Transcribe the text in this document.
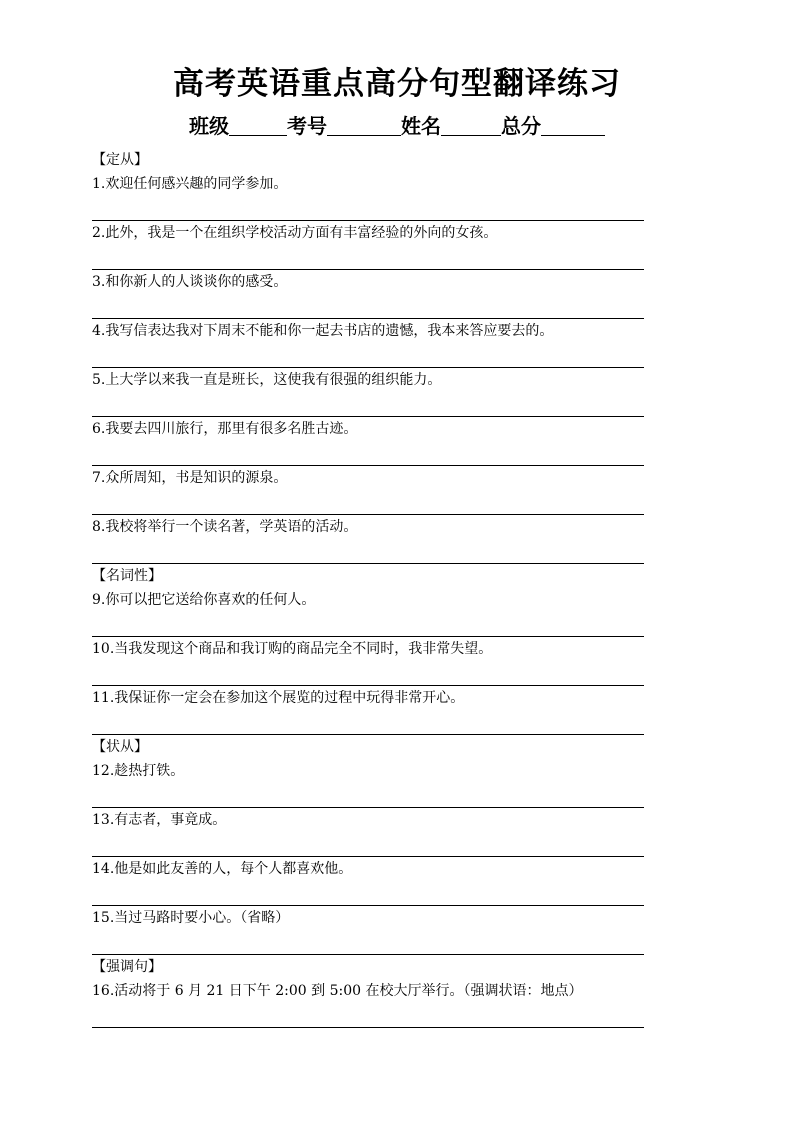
高考英语重点高分句型翻译练习
班级	考号	姓名	总分
【定从】
1.欢迎任何感兴趣的同学参加。
2.此外，我是一个在组织学校活动方面有丰富经验的外向的女孩。
3.和你新人的人谈谈你的感受。
4.我写信表达我对下周末不能和你一起去书店的遗憾，我本来答应要去的。
5.上大学以来我一直是班长，这使我有很强的组织能力。
6.我要去四川旅行，那里有很多名胜古迹。
7.众所周知，书是知识的源泉。
8.我校将举行一个读名著，学英语的活动。
【名词性】
9.你可以把它送给你喜欢的任何人。
10.当我发现这个商品和我订购的商品完全不同时，我非常失望。
11.我保证你一定会在参加这个展览的过程中玩得非常开心。
【状从】
12.趁热打铁。
13.有志者，事竟成。
14.他是如此友善的人，每个人都喜欢他。
15.当过马路时要小心。（省略）
【强调句】
16.活动将于 6 月 21 日下午 2:00 到 5:00 在校大厅举行。（强调状语：地点）
